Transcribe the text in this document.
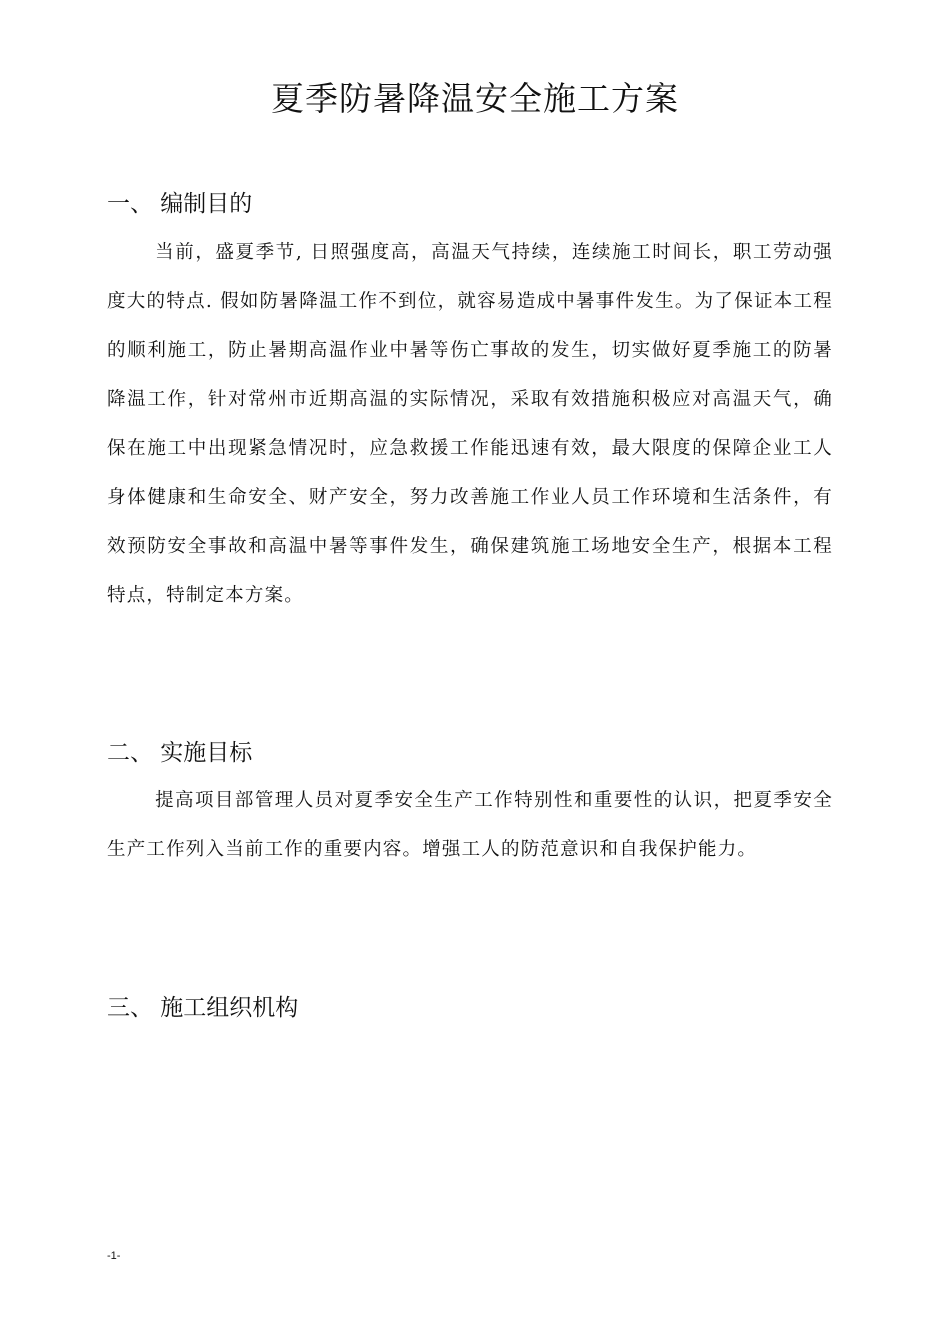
夏季防暑降温安全施工方案
一、 编制目的

当前，盛夏季节, 日照强度高，高温天气持续，连续施工时间长，职工劳动强度大的特点. 假如防暑降温工作不到位，就容易造成中暑事件发生。为了保证本工程的顺利施工，防止暑期高温作业中暑等伤亡事故的发生，切实做好夏季施工的防暑降温工作，针对常州市近期高温的实际情况，采取有效措施积极应对高温天气，确保在施工中出现紧急情况时，应急救援工作能迅速有效，最大限度的保障企业工人身体健康和生命安全、财产安全，努力改善施工作业人员工作环境和生活条件，有效预防安全事故和高温中暑等事件发生，确保建筑施工场地安全生产，根据本工程特点，特制定本方案。

二、 实施目标

提高项目部管理人员对夏季安全生产工作特别性和重要性的认识，把夏季安全生产工作列入当前工作的重要内容。增强工人的防范意识和自我保护能力。

三、 施工组织机构
-1-
